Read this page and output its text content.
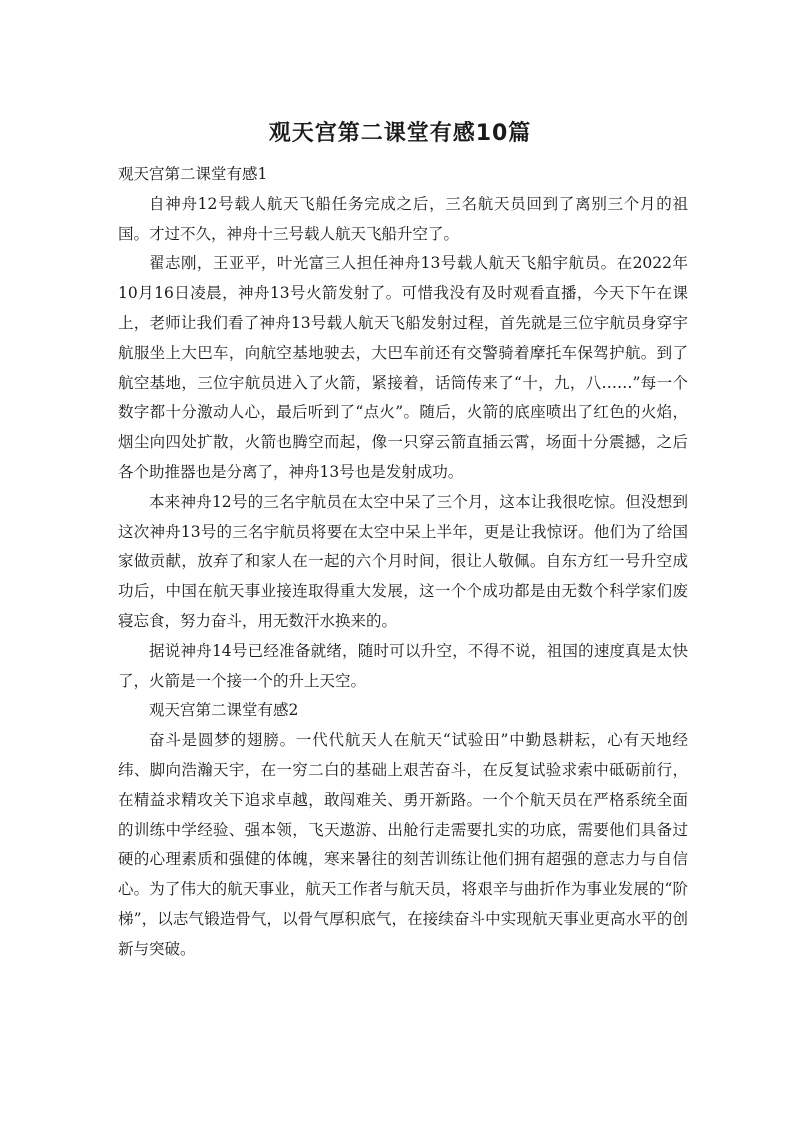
观天宫第二课堂有感10篇

观天宫第二课堂有感1

自神舟12号载人航天飞船任务完成之后，三名航天员回到了离别三个月的祖国。才过不久，神舟十三号载人航天飞船升空了。

翟志刚，王亚平，叶光富三人担任神舟13号载人航天飞船宇航员。在2022年10月16日凌晨，神舟13号火箭发射了。可惜我没有及时观看直播，今天下午在课上，老师让我们看了神舟13号载人航天飞船发射过程，首先就是三位宇航员身穿宇航服坐上大巴车，向航空基地驶去，大巴车前还有交警骑着摩托车保驾护航。到了航空基地，三位宇航员进入了火箭，紧接着，话筒传来了“十，九，八……”每一个数字都十分激动人心，最后听到了“点火”。随后，火箭的底座喷出了红色的火焰，烟尘向四处扩散，火箭也腾空而起，像一只穿云箭直插云霄，场面十分震撼，之后各个助推器也是分离了，神舟13号也是发射成功。

本来神舟12号的三名宇航员在太空中呆了三个月，这本让我很吃惊。但没想到这次神舟13号的三名宇航员将要在太空中呆上半年，更是让我惊讶。他们为了给国家做贡献，放弃了和家人在一起的六个月时间，很让人敬佩。自东方红一号升空成功后，中国在航天事业接连取得重大发展，这一个个成功都是由无数个科学家们废寝忘食，努力奋斗，用无数汗水换来的。

据说神舟14号已经准备就绪，随时可以升空，不得不说，祖国的速度真是太快了，火箭是一个接一个的升上天空。

观天宫第二课堂有感2

奋斗是圆梦的翅膀。一代代航天人在航天“试验田”中勤恳耕耘，心有天地经纬、脚向浩瀚天宇，在一穷二白的基础上艰苦奋斗，在反复试验求索中砥砺前行，在精益求精攻关下追求卓越，敢闯难关、勇开新路。一个个航天员在严格系统全面的训练中学经验、强本领，飞天遨游、出舱行走需要扎实的功底，需要他们具备过硬的心理素质和强健的体魄，寒来暑往的刻苦训练让他们拥有超强的意志力与自信心。为了伟大的航天事业，航天工作者与航天员，将艰辛与曲折作为事业发展的“阶梯”，以志气锻造骨气，以骨气厚积底气，在接续奋斗中实现航天事业更高水平的创新与突破。
